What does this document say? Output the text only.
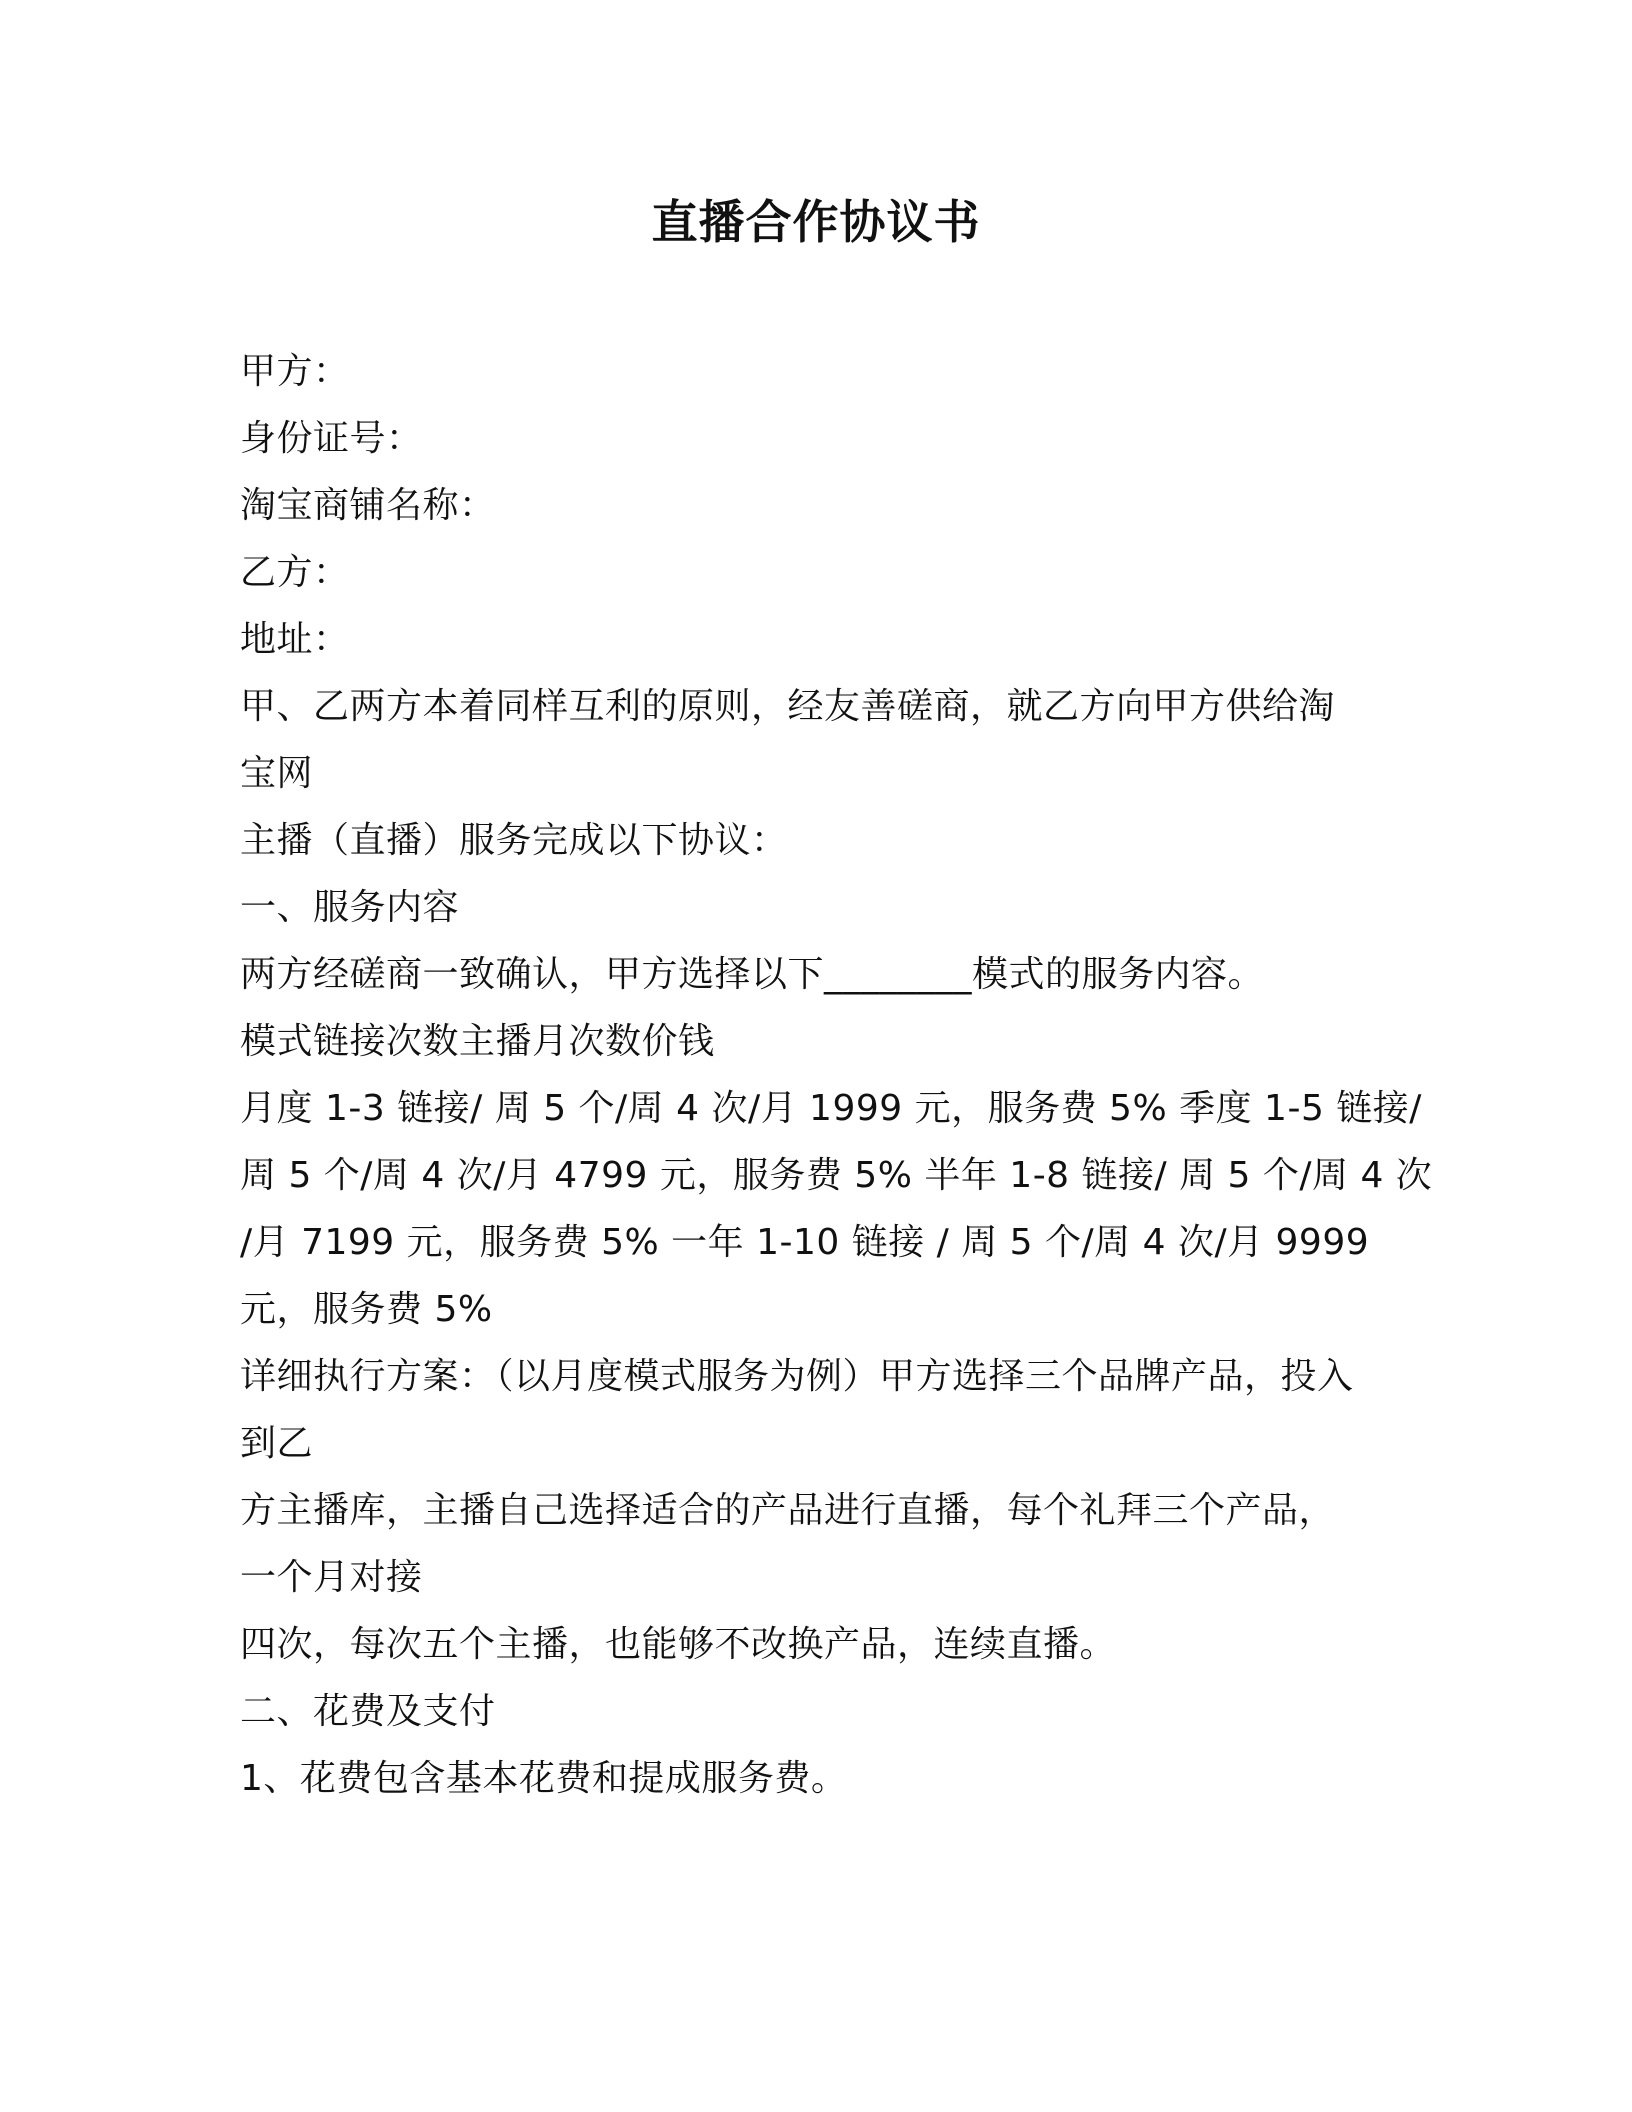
直播合作协议书
甲方：
身份证号：
淘宝商铺名称：
乙方：
地址：
甲、乙两方本着同样互利的原则，经友善磋商，就乙方向甲方供给淘
宝网
主播（直播）服务完成以下协议：
一、服务内容
两方经磋商一致确认，甲方选择以下________模式的服务内容。
模式链接次数主播月次数价钱
月度 1-3 链接/ 周 5 个/周 4 次/月 1999 元，服务费 5% 季度 1-5 链接/
周 5 个/周 4 次/月 4799 元，服务费 5% 半年 1-8 链接/ 周 5 个/周 4 次
/月 7199 元，服务费 5% 一年 1-10 链接 / 周 5 个/周 4 次/月 9999
元，服务费 5%
详细执行方案：（以月度模式服务为例）甲方选择三个品牌产品，投入
到乙
方主播库，主播自己选择适合的产品进行直播，每个礼拜三个产品，
一个月对接
四次，每次五个主播，也能够不改换产品，连续直播。
二、花费及支付
1、花费包含基本花费和提成服务费。
